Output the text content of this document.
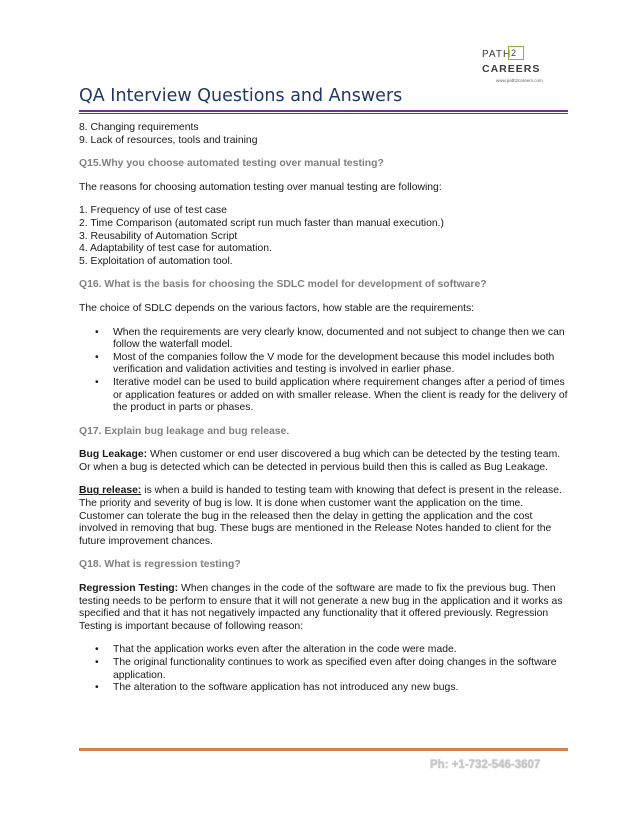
PATH 2
CAREERS
www.path2careers.com
QA Interview Questions and Answers

8. Changing requirements

9. Lack of resources, tools and training

Q15.Why you choose automated testing over manual testing?

The reasons for choosing automation testing over manual testing are following:

1. Frequency of use of test case

2. Time Comparison (automated script run much faster than manual execution.)

3. Reusability of Automation Script

4. Adaptability of test case for automation.

5. Exploitation of automation tool.

Q16. What is the basis for choosing the SDLC model for development of software?

The choice of SDLC depends on the various factors, how stable are the requirements:

• When the requirements are very clearly know, documented and not subject to change then we can follow the waterfall model.
• Most of the companies follow the V mode for the development because this model includes both verification and validation activities and testing is involved in earlier phase.
• Iterative model can be used to build application where requirement changes after a period of times or application features or added on with smaller release. When the client is ready for the delivery of the product in parts or phases.

Q17. Explain bug leakage and bug release.

Bug Leakage: When customer or end user discovered a bug which can be detected by the testing team. Or when a bug is detected which can be detected in pervious build then this is called as Bug Leakage.

Bug release: is when a build is handed to testing team with knowing that defect is present in the release. The priority and severity of bug is low. It is done when customer want the application on the time. Customer can tolerate the bug in the released then the delay in getting the application and the cost involved in removing that bug. These bugs are mentioned in the Release Notes handed to client for the future improvement chances.

Q18. What is regression testing?

Regression Testing: When changes in the code of the software are made to fix the previous bug. Then testing needs to be perform to ensure that it will not generate a new bug in the application and it works as specified and that it has not negatively impacted any functionality that it offered previously. Regression Testing is important because of following reason:

• That the application works even after the alteration in the code were made.
• The original functionality continues to work as specified even after doing changes in the software application.
• The alteration to the software application has not introduced any new bugs.
Ph: +1-732-546-3607
